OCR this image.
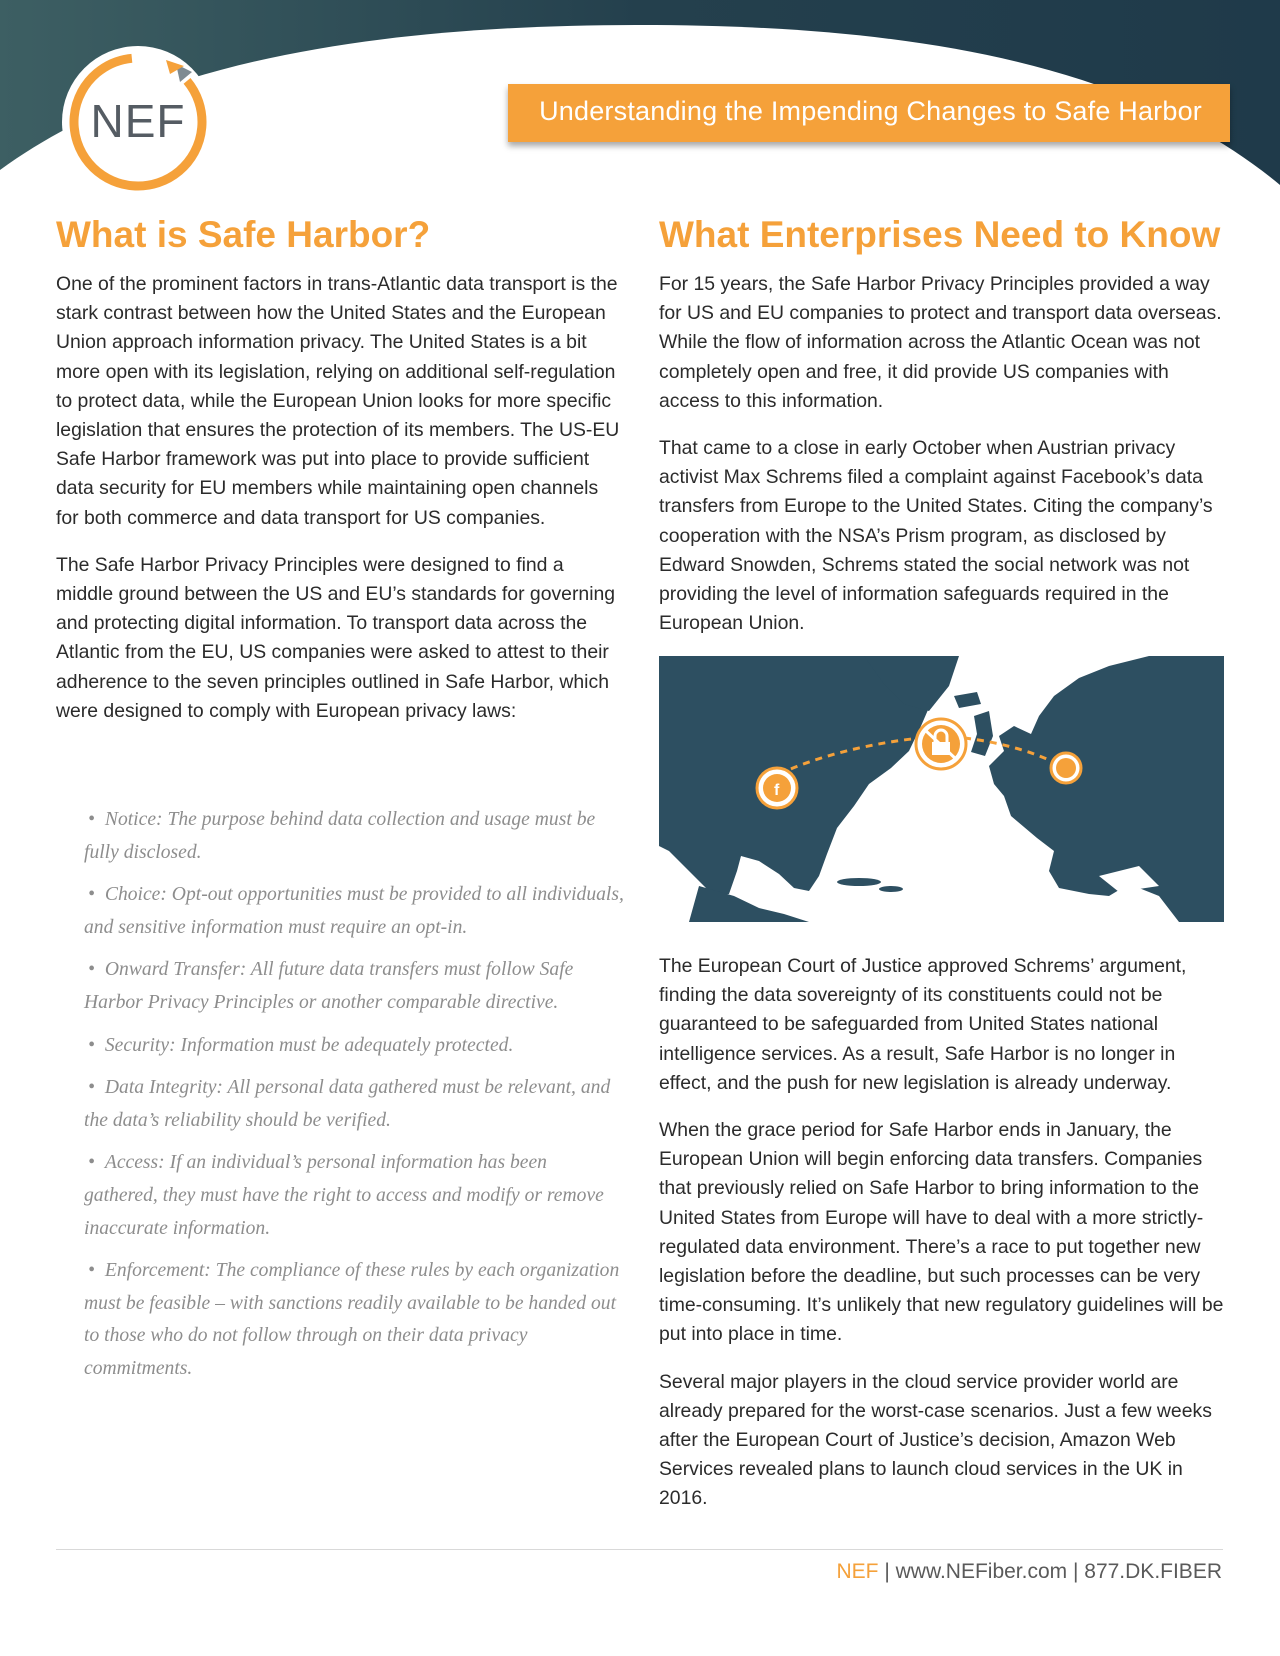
NEF	Understanding the Impending Changes to Safe Harbor
What is Safe Harbor?

One of the prominent factors in trans-Atlantic data transport is the stark contrast between how the United States and the European Union approach information privacy. The United States is a bit more open with its legislation, relying on additional self-regulation to protect data, while the European Union looks for more specific legislation that ensures the protection of its members. The US-EU Safe Harbor framework was put into place to provide sufficient data security for EU members while maintaining open channels for both commerce and data transport for US companies.

The Safe Harbor Privacy Principles were designed to find a middle ground between the US and EU’s standards for governing and protecting digital information. To transport data across the Atlantic from the EU, US companies were asked to attest to their adherence to the seven principles outlined in Safe Harbor, which were designed to comply with European privacy laws:

• Notice: The purpose behind data collection and usage must be fully disclosed.
• Choice: Opt-out opportunities must be provided to all individuals, and sensitive information must require an opt-in.
• Onward Transfer: All future data transfers must follow Safe Harbor Privacy Principles or another comparable directive.
• Security: Information must be adequately protected.
• Data Integrity: All personal data gathered must be relevant, and the data’s reliability should be verified.
• Access: If an individual’s personal information has been gathered, they must have the right to access and modify or remove inaccurate information.
• Enforcement: The compliance of these rules by each organization must be feasible – with sanctions readily available to be handed out to those who do not follow through on their data privacy commitments.
What Enterprises Need to Know

For 15 years, the Safe Harbor Privacy Principles provided a way for US and EU companies to protect and transport data overseas. While the flow of information across the Atlantic Ocean was not completely open and free, it did provide US companies with access to this information.

That came to a close in early October when Austrian privacy activist Max Schrems filed a complaint against Facebook’s data transfers from Europe to the United States. Citing the company’s cooperation with the NSA’s Prism program, as disclosed by Edward Snowden, Schrems stated the social network was not providing the level of information safeguards required in the European Union.

f

The European Court of Justice approved Schrems’ argument, finding the data sovereignty of its constituents could not be guaranteed to be safeguarded from United States national intelligence services. As a result, Safe Harbor is no longer in effect, and the push for new legislation is already underway.

When the grace period for Safe Harbor ends in January, the European Union will begin enforcing data transfers. Companies that previously relied on Safe Harbor to bring information to the United States from Europe will have to deal with a more strictly-regulated data environment. There’s a race to put together new legislation before the deadline, but such processes can be very time-consuming. It’s unlikely that new regulatory guidelines will be put into place in time.

Several major players in the cloud service provider world are already prepared for the worst-case scenarios. Just a few weeks after the European Court of Justice’s decision, Amazon Web Services revealed plans to launch cloud services in the UK in 2016.

NEF | www.NEFiber.com | 877.DK.FIBER
